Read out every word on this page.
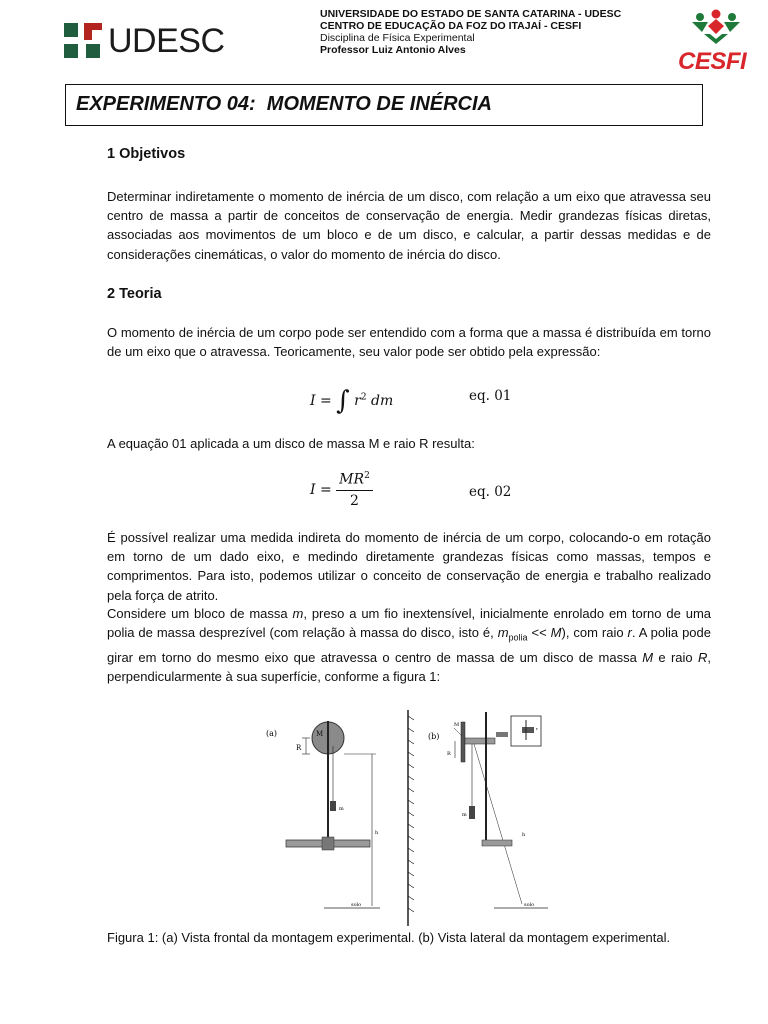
UDESC
UNIVERSIDADE DO ESTADO DE SANTA CATARINA - UDESC
CENTRO DE EDUCAÇÃO DA FOZ DO ITAJAÍ - CESFI
Disciplina de Física Experimental
Professor Luiz Antonio Alves	CESFI
EXPERIMENTO 04:  MOMENTO DE INÉRCIA
1 Objetivos
Determinar indiretamente o momento de inércia de um disco, com relação a um eixo que atravessa seu centro de massa a partir de conceitos de conservação de energia. Medir grandezas físicas diretas, associadas aos movimentos de um bloco e de um disco, e calcular, a partir dessas medidas e de considerações cinemáticas, o valor do momento de inércia do disco.
2 Teoria
O momento de inércia de um corpo pode ser entendido com a forma que a massa é distribuída em torno de um eixo que o atravessa. Teoricamente, seu valor pode ser obtido pela expressão:
I = ∫ $r^2$ dm	eq. 01
A equação 01 aplicada a um disco de massa M e raio R resulta:
$I = \frac{MR^2}{2}$	eq. 02
É possível realizar uma medida indireta do momento de inércia de um corpo, colocando-o em rotação em torno de um dado eixo, e medindo diretamente grandezas físicas como massas, tempos e comprimentos. Para isto, podemos utilizar o conceito de conservação de energia e trabalho realizado pela força de atrito.
Considere um bloco de massa m, preso a um fio inextensível, inicialmente enrolado em torno de uma polia de massa desprezível (com relação à massa do disco, isto é, $m_{polia} << M$), com raio r. A polia pode girar em torno do mesmo eixo que atravessa o centro de massa de um disco de massa M e raio R, perpendicularmente à sua superfície, conforme a figura 1:
(a)	M
R
m
h
solo
(b)
M
R
m
h
r
solo
Figura 1: (a) Vista frontal da montagem experimental. (b) Vista lateral da montagem experimental.
